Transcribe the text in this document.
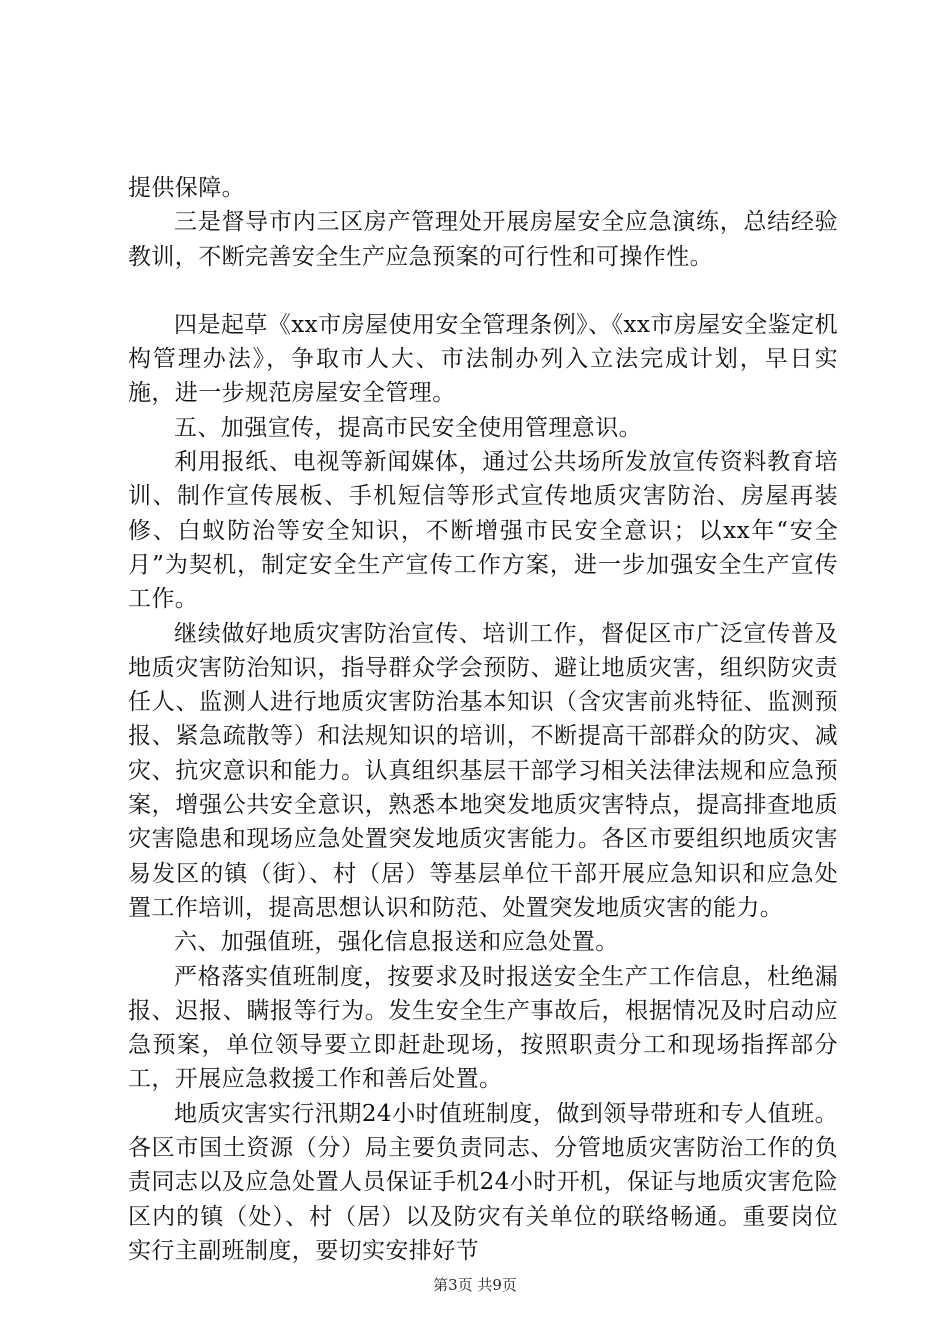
提供保障。

三是督导市内三区房产管理处开展房屋安全应急演练，总结经验教训，不断完善安全生产应急预案的可行性和可操作性。

四是起草《xx市房屋使用安全管理条例》、《xx市房屋安全鉴定机构管理办法》，争取市人大、市法制办列入立法完成计划，早日实施，进一步规范房屋安全管理。

五、加强宣传，提高市民安全使用管理意识。

利用报纸、电视等新闻媒体，通过公共场所发放宣传资料教育培训、制作宣传展板、手机短信等形式宣传地质灾害防治、房屋再装修、白蚁防治等安全知识，不断增强市民安全意识；以xx年“安全月”为契机，制定安全生产宣传工作方案，进一步加强安全生产宣传工作。

继续做好地质灾害防治宣传、培训工作，督促区市广泛宣传普及地质灾害防治知识，指导群众学会预防、避让地质灾害，组织防灾责任人、监测人进行地质灾害防治基本知识（含灾害前兆特征、监测预报、紧急疏散等）和法规知识的培训，不断提高干部群众的防灾、减灾、抗灾意识和能力。认真组织基层干部学习相关法律法规和应急预案，增强公共安全意识，熟悉本地突发地质灾害特点，提高排查地质灾害隐患和现场应急处置突发地质灾害能力。各区市要组织地质灾害易发区的镇（街）、村（居）等基层单位干部开展应急知识和应急处置工作培训，提高思想认识和防范、处置突发地质灾害的能力。

六、加强值班，强化信息报送和应急处置。

严格落实值班制度，按要求及时报送安全生产工作信息，杜绝漏报、迟报、瞒报等行为。发生安全生产事故后，根据情况及时启动应急预案，单位领导要立即赶赴现场，按照职责分工和现场指挥部分工，开展应急救援工作和善后处置。

地质灾害实行汛期24小时值班制度，做到领导带班和专人值班。各区市国土资源（分）局主要负责同志、分管地质灾害防治工作的负责同志以及应急处置人员保证手机24小时开机，保证与地质灾害危险区内的镇（处）、村（居）以及防灾有关单位的联络畅通。重要岗位实行主副班制度，要切实安排好节

第3页 共9页
